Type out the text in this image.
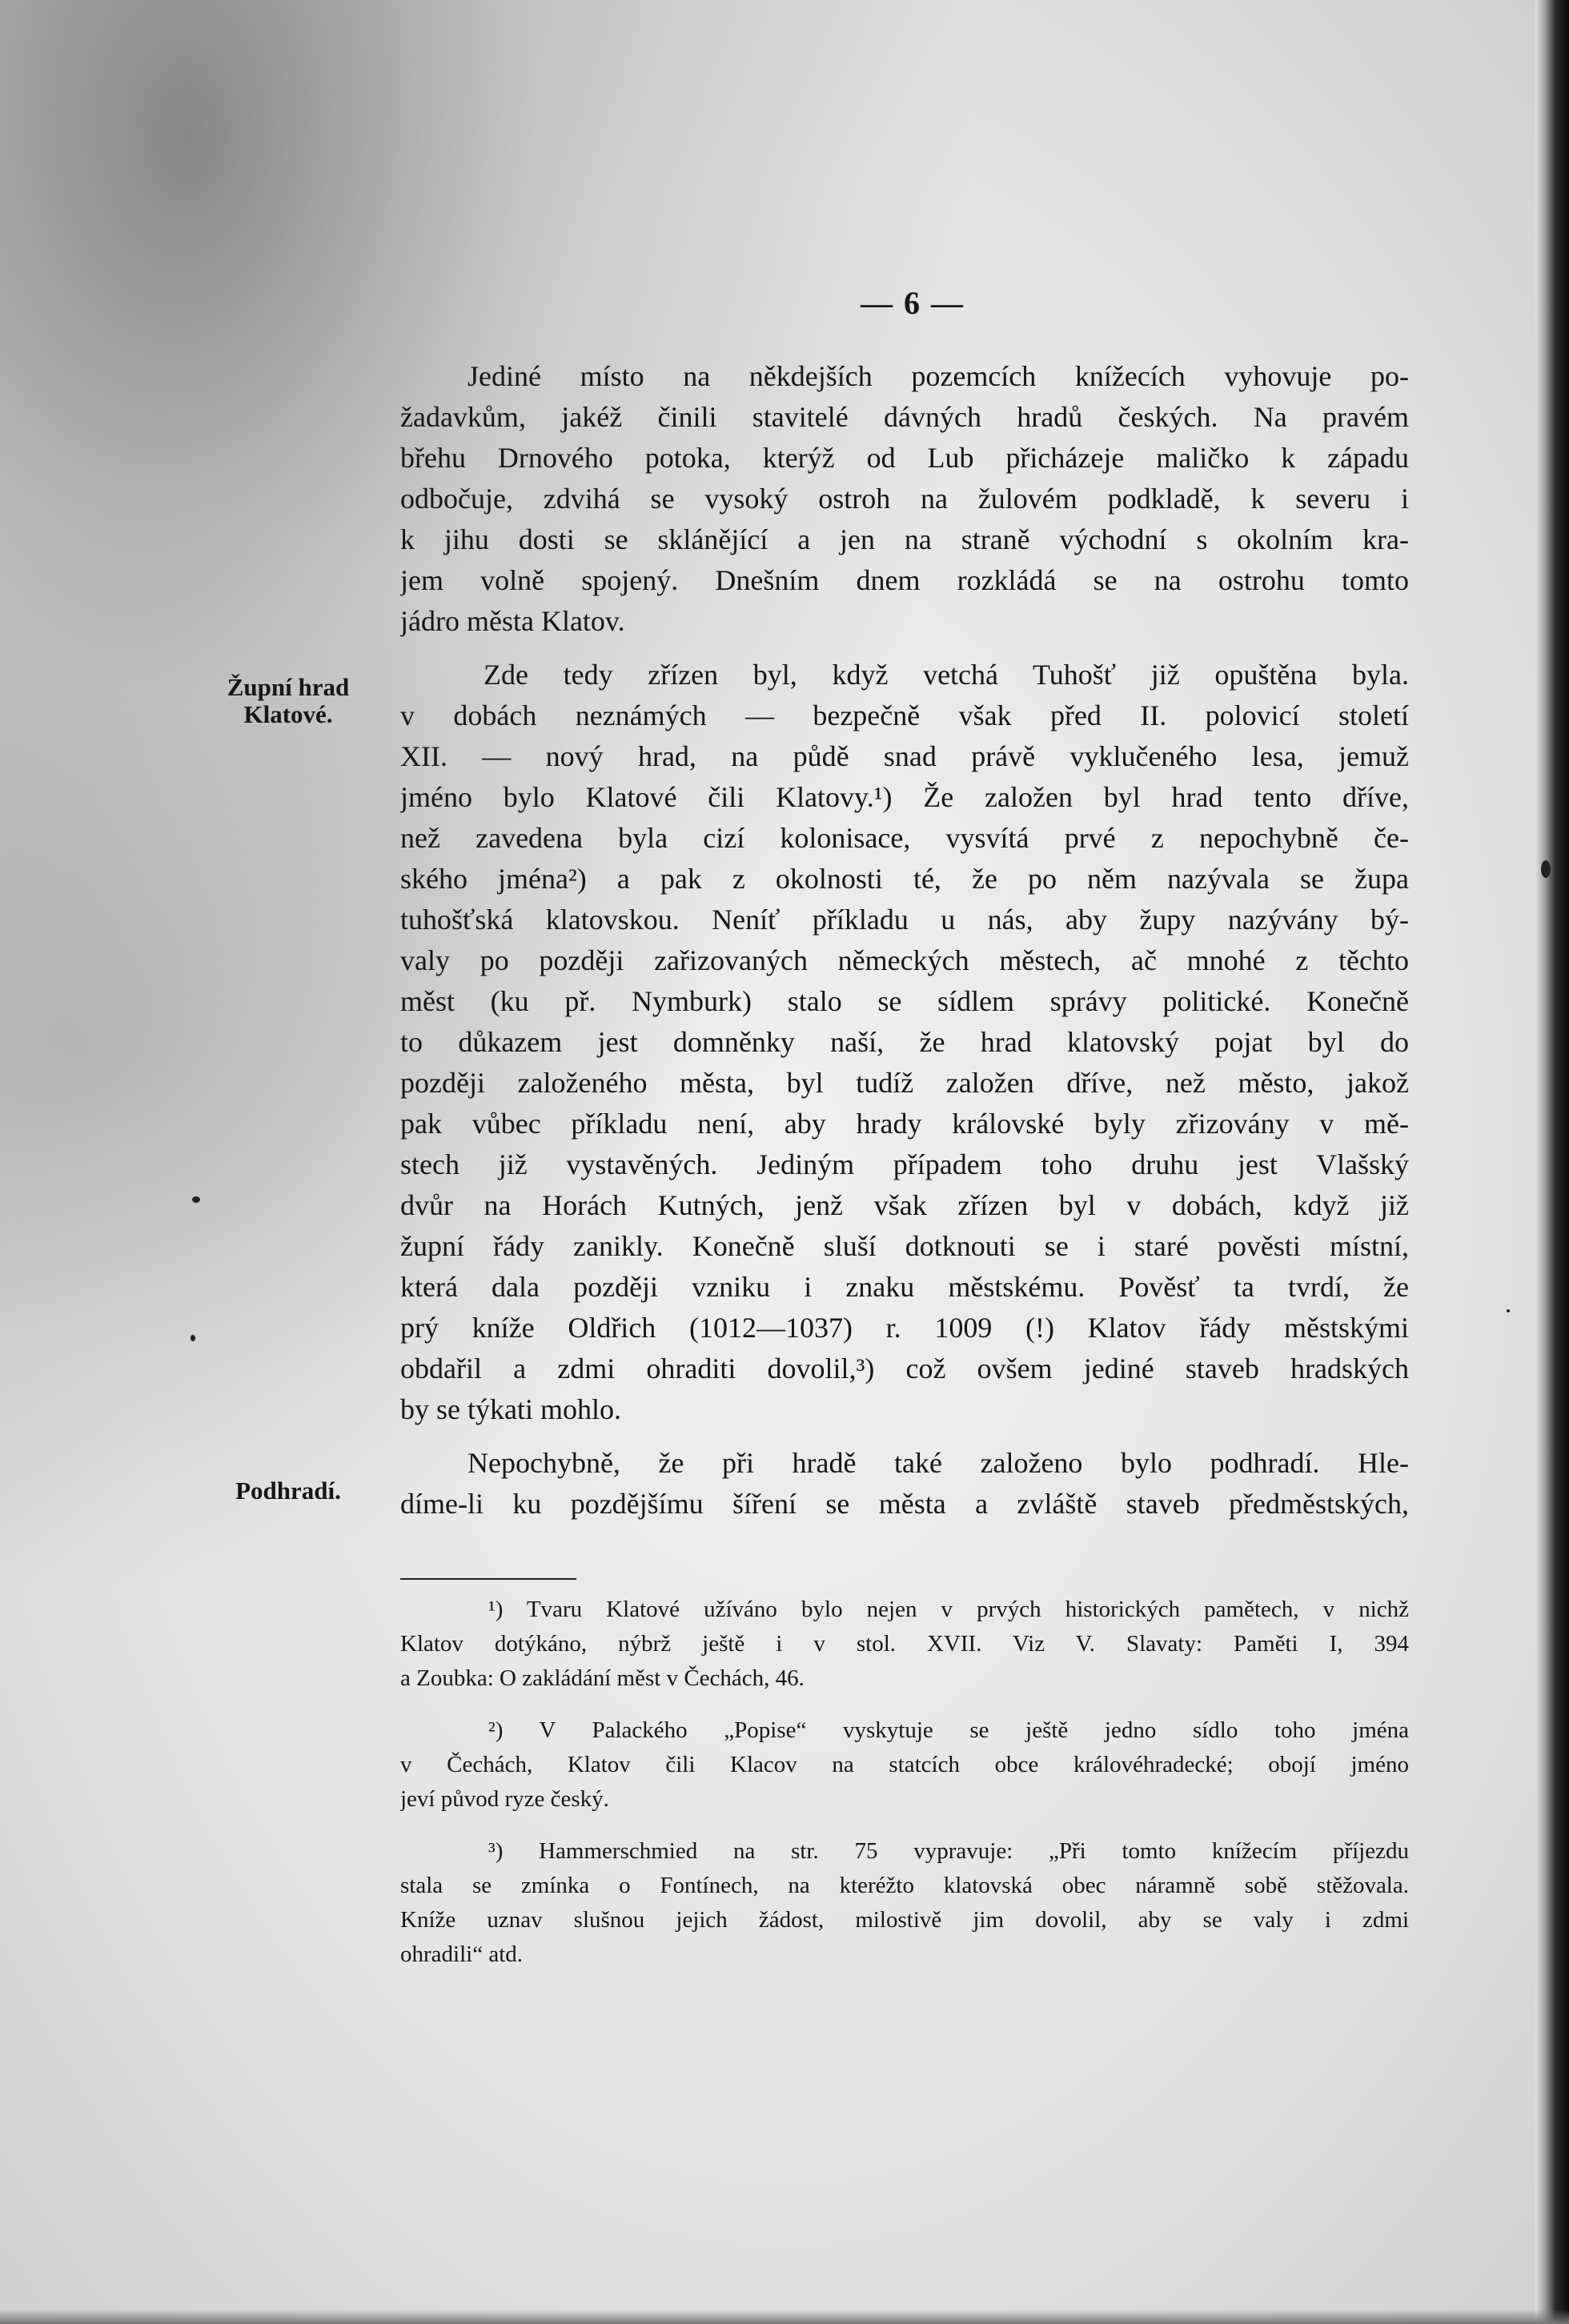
— 6 —
Župní hrad
Klatové.
Podhradí.
Jediné místo na někdejších pozemcích knížecích vyhovuje po-
žadavkům, jakéž činili stavitelé dávných hradů českých. Na pravém
břehu Drnového potoka, kterýž od Lub přicházeje maličko k západu
odbočuje, zdvihá se vysoký ostroh na žulovém podkladě, k severu i
k jihu dosti se sklánějící a jen na straně východní s okolním kra-
jem volně spojený. Dnešním dnem rozkládá se na ostrohu tomto
jádro města Klatov.
Zde tedy zřízen byl, když vetchá Tuhošť již opuštěna byla.
v dobách neznámých — bezpečně však před II. polovicí století
XII. — nový hrad, na půdě snad právě vyklučeného lesa, jemuž
jméno bylo Klatové čili Klatovy.¹) Že založen byl hrad tento dříve,
než zavedena byla cizí kolonisace, vysvítá prvé z nepochybně če-
ského jména²) a pak z okolnosti té, že po něm nazývala se župa
tuhošťská klatovskou. Neníť příkladu u nás, aby župy nazývány bý-
valy po později zařizovaných německých městech, ač mnohé z těchto
měst (ku př. Nymburk) stalo se sídlem správy politické. Konečně
to důkazem jest domněnky naší, že hrad klatovský pojat byl do
později založeného města, byl tudíž založen dříve, než město, jakož
pak vůbec příkladu není, aby hrady královské byly zřizovány v mě-
stech již vystavěných. Jediným případem toho druhu jest Vlašský
dvůr na Horách Kutných, jenž však zřízen byl v dobách, když již
župní řády zanikly. Konečně sluší dotknouti se i staré pověsti místní,
která dala později vzniku i znaku městskému. Pověsť ta tvrdí, že
prý kníže Oldřich (1012—1037) r. 1009 (!) Klatov řády městskými
obdařil a zdmi ohraditi dovolil,³) což ovšem jediné staveb hradských
by se týkati mohlo.
Nepochybně, že při hradě také založeno bylo podhradí. Hle-
díme-li ku pozdějšímu šíření se města a zvláště staveb předměstských,
¹) Tvaru Klatové užíváno bylo nejen v prvých historických pamětech, v nichž
Klatov dotýkáno, nýbrž ještě i v stol. XVII. Viz V. Slavaty: Paměti I, 394
a Zoubka: O zakládání měst v Čechách, 46.
²) V Palackého „Popise“ vyskytuje se ještě jedno sídlo toho jména
v Čechách, Klatov čili Klacov na statcích obce královéhradecké; obojí jméno
jeví původ ryze český.
³) Hammerschmied na str. 75 vypravuje: „Při tomto knížecím příjezdu
stala se zmínka o Fontínech, na kteréžto klatovská obec náramně sobě stěžovala.
Kníže uznav slušnou jejich žádost, milostivě jim dovolil, aby se valy i zdmi
ohradili“ atd.
